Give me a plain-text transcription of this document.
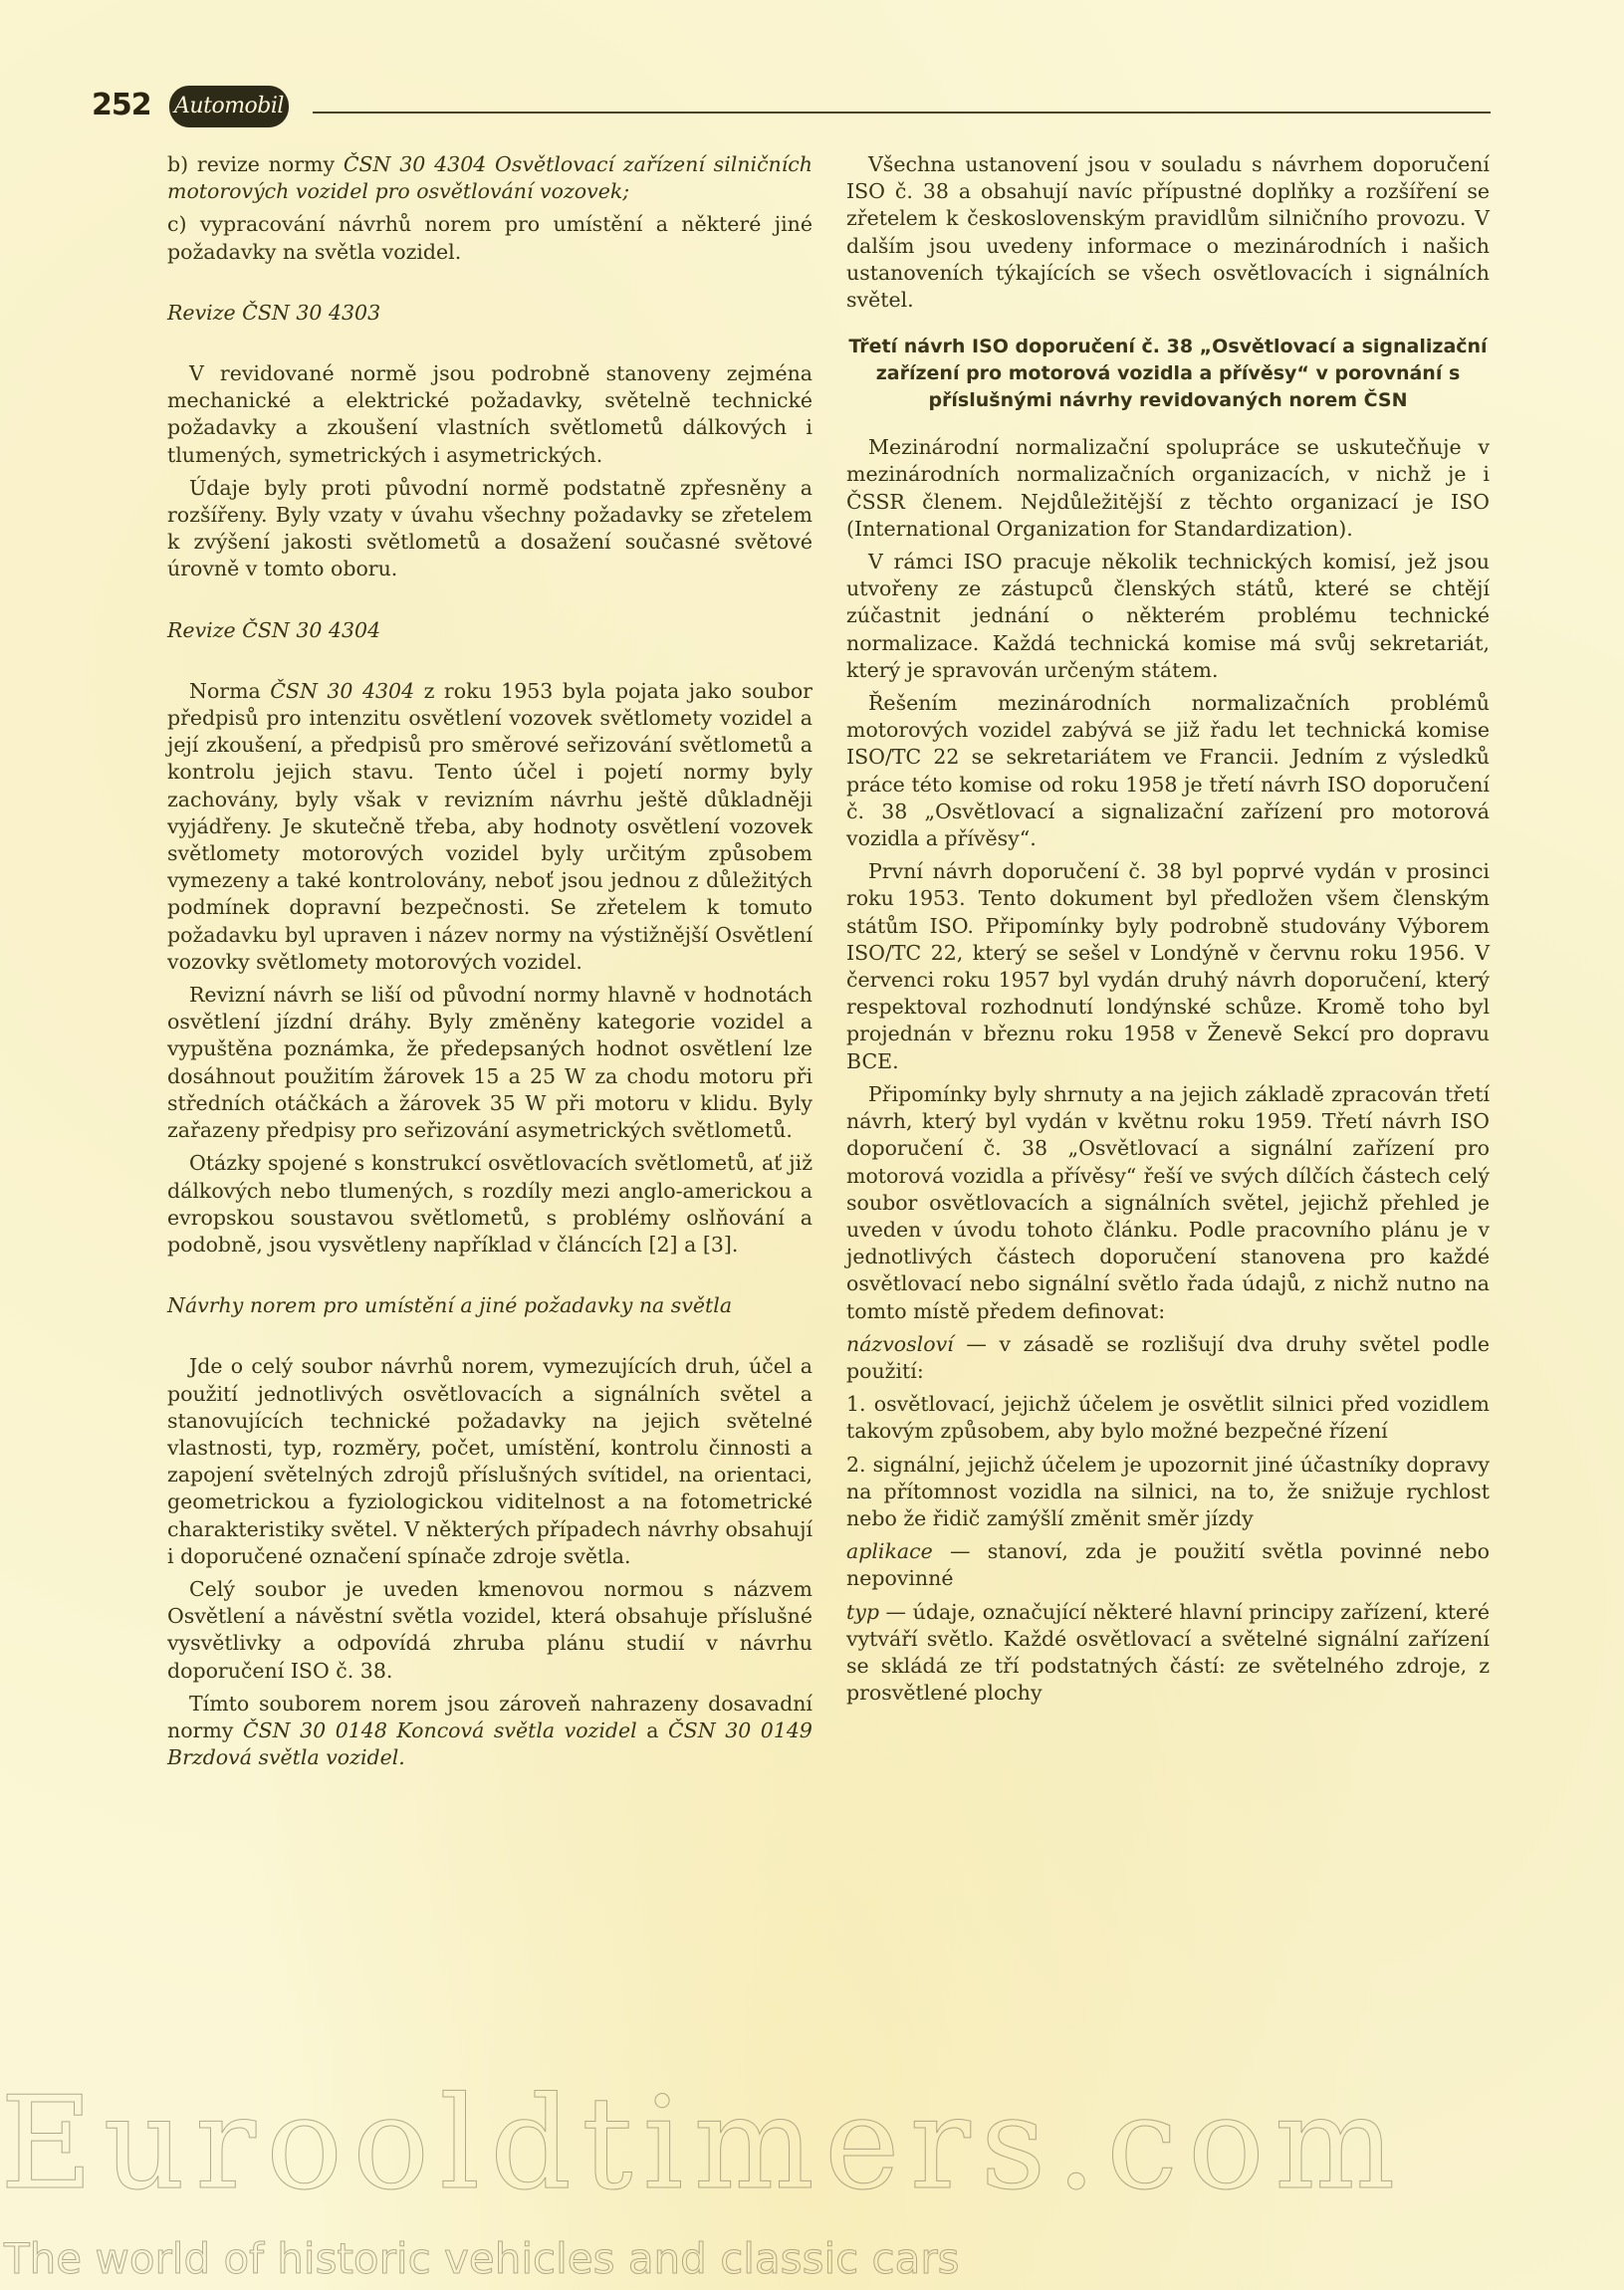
252 Automobil

b) revize normy ČSN 30 4304 Osvětlovací zařízení silničních motorových vozidel pro osvětlování vozovek;

c) vypracování návrhů norem pro umístění a některé jiné požadavky na světla vozidel.

Revize ČSN 30 4303

V revidované normě jsou podrobně stanoveny zejména mechanické a elektrické požadavky, světelně technické požadavky a zkoušení vlastních světlometů dálkových i tlumených, symetrických i asymetrických.

Údaje byly proti původní normě podstatně zpřesněny a rozšířeny. Byly vzaty v úvahu všechny požadavky se zřetelem k zvýšení jakosti světlometů a dosažení současné světové úrovně v tomto oboru.

Revize ČSN 30 4304

Norma ČSN 30 4304 z roku 1953 byla pojata jako soubor předpisů pro intenzitu osvětlení vozovek světlomety vozidel a její zkoušení, a předpisů pro směrové seřizování světlometů a kontrolu jejich stavu. Tento účel i pojetí normy byly zachovány, byly však v revizním návrhu ještě důkladněji vyjádřeny. Je skutečně třeba, aby hodnoty osvětlení vozovek světlomety motorových vozidel byly určitým způsobem vymezeny a také kontrolovány, neboť jsou jednou z důležitých podmínek dopravní bezpečnosti. Se zřetelem k tomuto požadavku byl upraven i název normy na výstižnější Osvětlení vozovky světlomety motorových vozidel.

Revizní návrh se liší od původní normy hlavně v hodnotách osvětlení jízdní dráhy. Byly změněny kategorie vozidel a vypuštěna poznámka, že předepsaných hodnot osvětlení lze dosáhnout použitím žárovek 15 a 25 W za chodu motoru při středních otáčkách a žárovek 35 W při motoru v klidu. Byly zařazeny předpisy pro seřizování asymetrických světlometů.

Otázky spojené s konstrukcí osvětlovacích světlometů, ať již dálkových nebo tlumených, s rozdíly mezi anglo-americkou a evropskou soustavou světlometů, s problémy oslňování a podobně, jsou vysvětleny například v článcích [2] a [3].

Návrhy norem pro umístění a jiné požadavky na světla

Jde o celý soubor návrhů norem, vymezujících druh, účel a použití jednotlivých osvětlovacích a signálních světel a stanovujících technické požadavky na jejich světelné vlastnosti, typ, rozměry, počet, umístění, kontrolu činnosti a zapojení světelných zdrojů příslušných svítidel, na orientaci, geometrickou a fyziologickou viditelnost a na fotometrické charakteristiky světel. V některých případech návrhy obsahují i doporučené označení spínače zdroje světla.

Celý soubor je uveden kmenovou normou s názvem Osvětlení a návěstní světla vozidel, která obsahuje příslušné vysvětlivky a odpovídá zhruba plánu studií v návrhu doporučení ISO č. 38.

Tímto souborem norem jsou zároveň nahrazeny dosavadní normy ČSN 30 0148 Koncová světla vozidel a ČSN 30 0149 Brzdová světla vozidel.

Všechna ustanovení jsou v souladu s návrhem doporučení ISO č. 38 a obsahují navíc přípustné doplňky a rozšíření se zřetelem k československým pravidlům silničního provozu. V dalším jsou uvedeny informace o mezinárodních i našich ustanoveních týkajících se všech osvětlovacích i signálních světel.

Třetí návrh ISO doporučení č. 38 „Osvětlovací a signalizační zařízení pro motorová vozidla a přívěsy“ v porovnání s příslušnými návrhy revidovaných norem ČSN

Mezinárodní normalizační spolupráce se uskutečňuje v mezinárodních normalizačních organizacích, v nichž je i ČSSR členem. Nejdůležitější z těchto organizací je ISO (International Organization for Standardization).

V rámci ISO pracuje několik technických komisí, jež jsou utvořeny ze zástupců členských států, které se chtějí zúčastnit jednání o některém problému technické normalizace. Každá technická komise má svůj sekretariát, který je spravován určeným státem.

Řešením mezinárodních normalizačních problémů motorových vozidel zabývá se již řadu let technická komise ISO/TC 22 se sekretariátem ve Francii. Jedním z výsledků práce této komise od roku 1958 je třetí návrh ISO doporučení č. 38 „Osvětlovací a signalizační zařízení pro motorová vozidla a přívěsy“.

První návrh doporučení č. 38 byl poprvé vydán v prosinci roku 1953. Tento dokument byl předložen všem členským státům ISO. Připomínky byly podrobně studovány Výborem ISO/TC 22, který se sešel v Londýně v červnu roku 1956. V červenci roku 1957 byl vydán druhý návrh doporučení, který respektoval rozhodnutí londýnské schůze. Kromě toho byl projednán v březnu roku 1958 v Ženevě Sekcí pro dopravu BCE.

Připomínky byly shrnuty a na jejich základě zpracován třetí návrh, který byl vydán v květnu roku 1959. Třetí návrh ISO doporučení č. 38 „Osvětlovací a signální zařízení pro motorová vozidla a přívěsy“ řeší ve svých dílčích částech celý soubor osvětlovacích a signálních světel, jejichž přehled je uveden v úvodu tohoto článku. Podle pracovního plánu je v jednotlivých částech doporučení stanovena pro každé osvětlovací nebo signální světlo řada údajů, z nichž nutno na tomto místě předem definovat:

názvosloví — v zásadě se rozlišují dva druhy světel podle použití:

1. osvětlovací, jejichž účelem je osvětlit silnici před vozidlem takovým způsobem, aby bylo možné bezpečné řízení

2. signální, jejichž účelem je upozornit jiné účastníky dopravy na přítomnost vozidla na silnici, na to, že snižuje rychlost nebo že řidič zamýšlí změnit směr jízdy

aplikace — stanoví, zda je použití světla povinné nebo nepovinné

typ — údaje, označující některé hlavní principy zařízení, které vytváří světlo. Každé osvětlovací a světelné signální zařízení se skládá ze tří podstatných částí: ze světelného zdroje, z prosvětlené plochy

Eurooldtimers.com
The world of historic vehicles and classic cars
